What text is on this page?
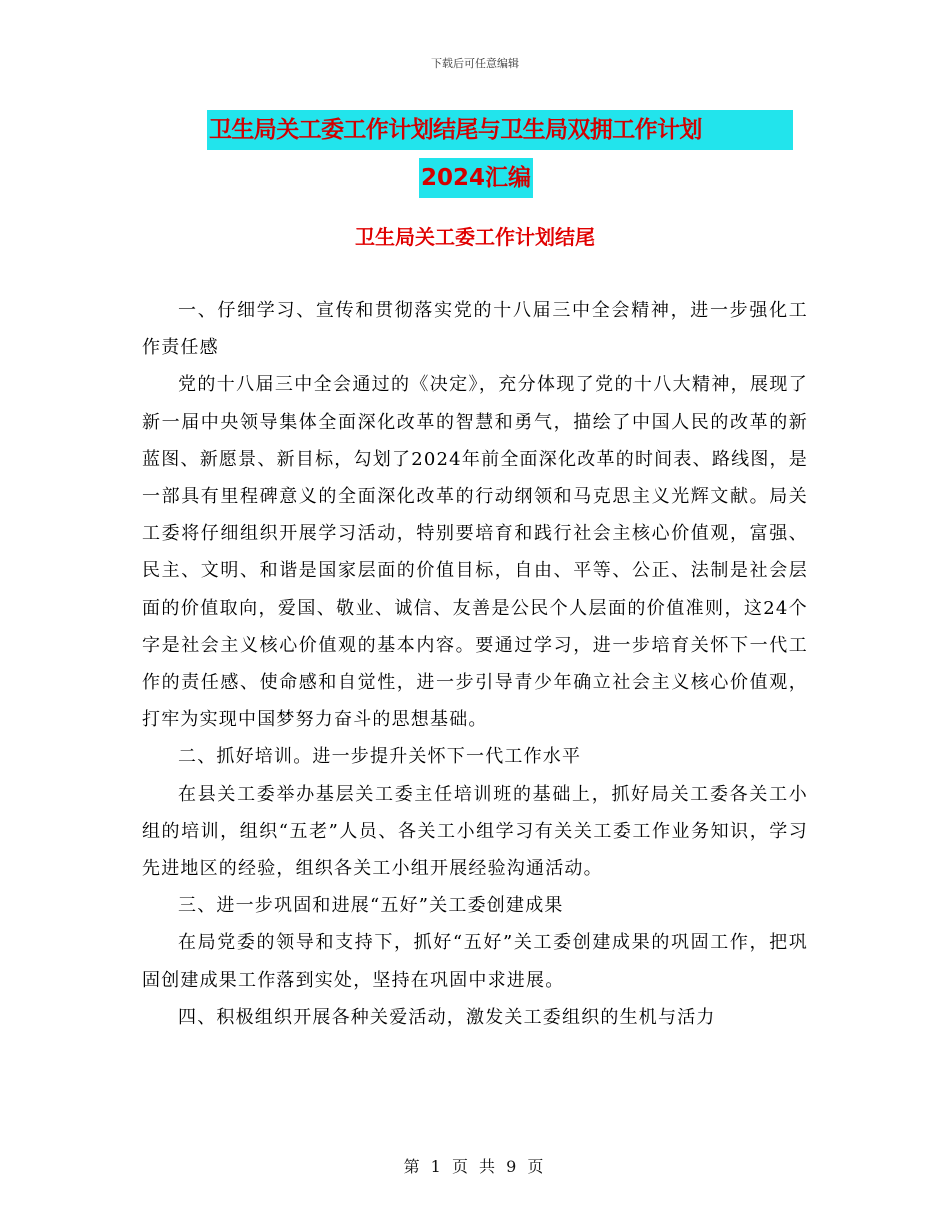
下载后可任意编辑
卫生局关工委工作计划结尾与卫生局双拥工作计划
2024汇编
卫生局关工委工作计划结尾

一、仔细学习、宣传和贯彻落实党的十八届三中全会精神，进一步强化工作责任感

党的十八届三中全会通过的《决定》，充分体现了党的十八大精神，展现了新一届中央领导集体全面深化改革的智慧和勇气，描绘了中国人民的改革的新蓝图、新愿景、新目标，勾划了2024年前全面深化改革的时间表、路线图，是一部具有里程碑意义的全面深化改革的行动纲领和马克思主义光辉文献。局关工委将仔细组织开展学习活动，特别要培育和践行社会主核心价值观，富强、民主、文明、和谐是国家层面的价值目标，自由、平等、公正、法制是社会层面的价值取向，爱国、敬业、诚信、友善是公民个人层面的价值准则，这24个字是社会主义核心价值观的基本内容。要通过学习，进一步培育关怀下一代工作的责任感、使命感和自觉性，进一步引导青少年确立社会主义核心价值观，打牢为实现中国梦努力奋斗的思想基础。

二、抓好培训。进一步提升关怀下一代工作水平

在县关工委举办基层关工委主任培训班的基础上，抓好局关工委各关工小组的培训，组织“五老”人员、各关工小组学习有关关工委工作业务知识，学习先进地区的经验，组织各关工小组开展经验沟通活动。

三、进一步巩固和进展“五好”关工委创建成果

在局党委的领导和支持下，抓好“五好”关工委创建成果的巩固工作，把巩固创建成果工作落到实处，坚持在巩固中求进展。

四、积极组织开展各种关爱活动，激发关工委组织的生机与活力

第 1 页 共 9 页
